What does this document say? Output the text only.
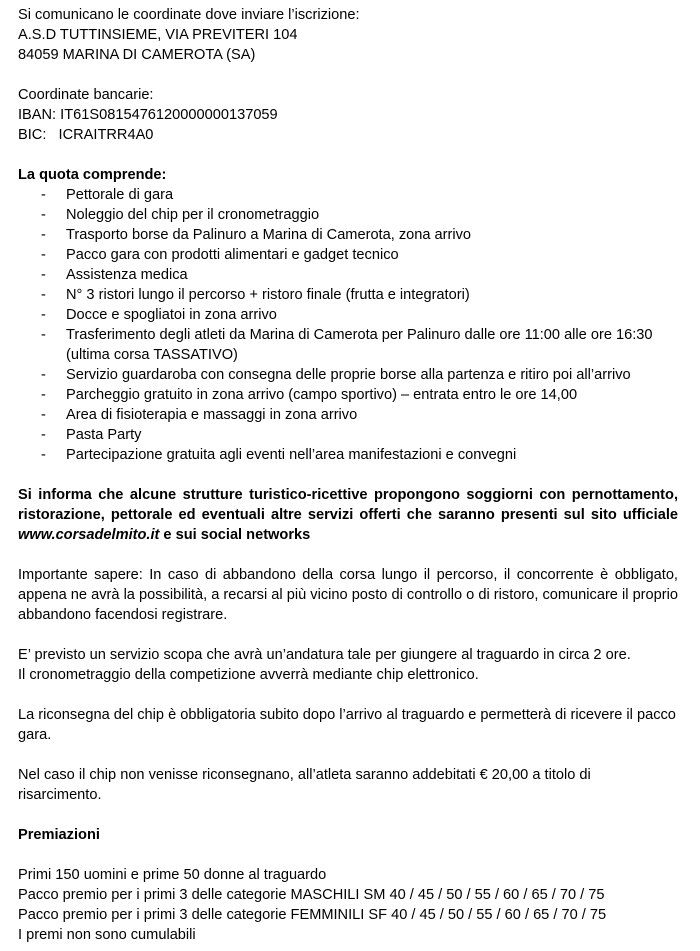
Si comunicano le coordinate dove inviare l’iscrizione:
A.S.D TUTTINSIEME, VIA PREVITERI 104
84059 MARINA DI CAMEROTA (SA)
Coordinate bancarie:
IBAN: IT61S0815476120000000137059
BIC:   ICRAITRR4A0
La quota comprende:
- Pettorale di gara
- Noleggio del chip per il cronometraggio
- Trasporto borse da Palinuro a Marina di Camerota, zona arrivo
- Pacco gara con prodotti alimentari e gadget tecnico
- Assistenza medica
- N° 3 ristori lungo il percorso + ristoro finale (frutta e integratori)
- Docce e spogliatoi in zona arrivo
- Trasferimento degli atleti da Marina di Camerota per Palinuro dalle ore 11:00 alle ore 16:30 (ultima corsa TASSATIVO)
- Servizio guardaroba con consegna delle proprie borse alla partenza e ritiro poi all’arrivo
- Parcheggio gratuito in zona arrivo (campo sportivo) – entrata entro le ore 14,00
- Area di fisioterapia e massaggi in zona arrivo
- Pasta Party
- Partecipazione gratuita agli eventi nell’area manifestazioni e convegni

Si informa che alcune strutture turistico-ricettive propongono soggiorni con pernottamento, ristorazione, pettorale ed eventuali altre servizi offerti che saranno presenti sul sito ufficiale www.corsadelmito.it e sui social networks

Importante sapere: In caso di abbandono della corsa lungo il percorso, il concorrente è obbligato, appena ne avrà la possibilità, a recarsi al più vicino posto di controllo o di ristoro, comunicare il proprio abbandono facendosi registrare.

E’ previsto un servizio scopa che avrà un’andatura tale per giungere al traguardo in circa 2 ore.
Il cronometraggio della competizione avverrà mediante chip elettronico.

La riconsegna del chip è obbligatoria subito dopo l’arrivo al traguardo e permetterà di ricevere il pacco gara.

Nel caso il chip non venisse riconsegnano, all’atleta saranno addebitati € 20,00 a titolo di risarcimento.

Premiazioni
Primi 150 uomini e prime 50 donne al traguardo
Pacco premio per i primi 3 delle categorie MASCHILI SM 40 / 45 / 50 / 55 / 60 / 65 / 70 / 75
Pacco premio per i primi 3 delle categorie FEMMINILI SF 40 / 45 / 50 / 55 / 60 / 65 / 70 / 75
I premi non sono cumulabili
